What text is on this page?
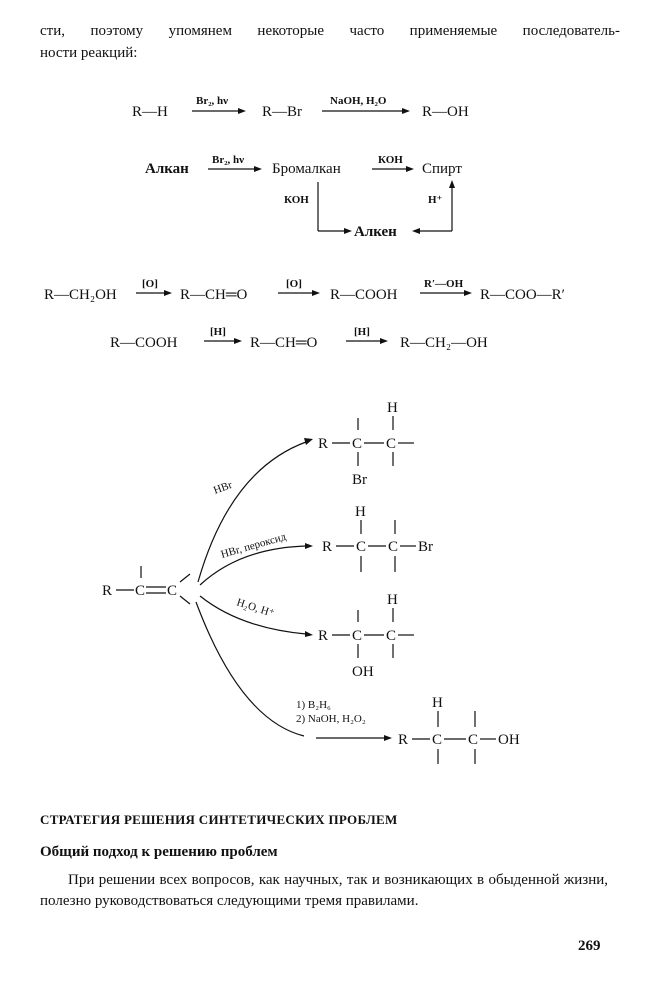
сти, поэтому упомянем некоторые часто применяемые последователь-
ности реакций:
R—H
Br₂, hν
R—Br
NaOH, H₂O
R—OH
Алкан
Br₂, hν
Бромалкан
КОН
Спирт
КОН
Алкен
H⁺
R—CH₂OH
[O]
R—CH═O
[O]
R—COOH
R′—OH
R—COO—R′
R—COOH
[H]
R—CH═O
[H]
R—CH₂—OH
R C C
HBr
HBr, пероксид
H₂O, H⁺
1) B₂H₆
2) NaOH, H₂O₂
R C C
Br
H
R C C Br
H
R C C
OH
H
R C C OH
H
СТРАТЕГИЯ РЕШЕНИЯ СИНТЕТИЧЕСКИХ ПРОБЛЕМ
Общий подход к решению проблем
При решении всех вопросов, как научных, так и возникающих в обыденной жизни, полезно руководствоваться следующими тремя правилами.
269
